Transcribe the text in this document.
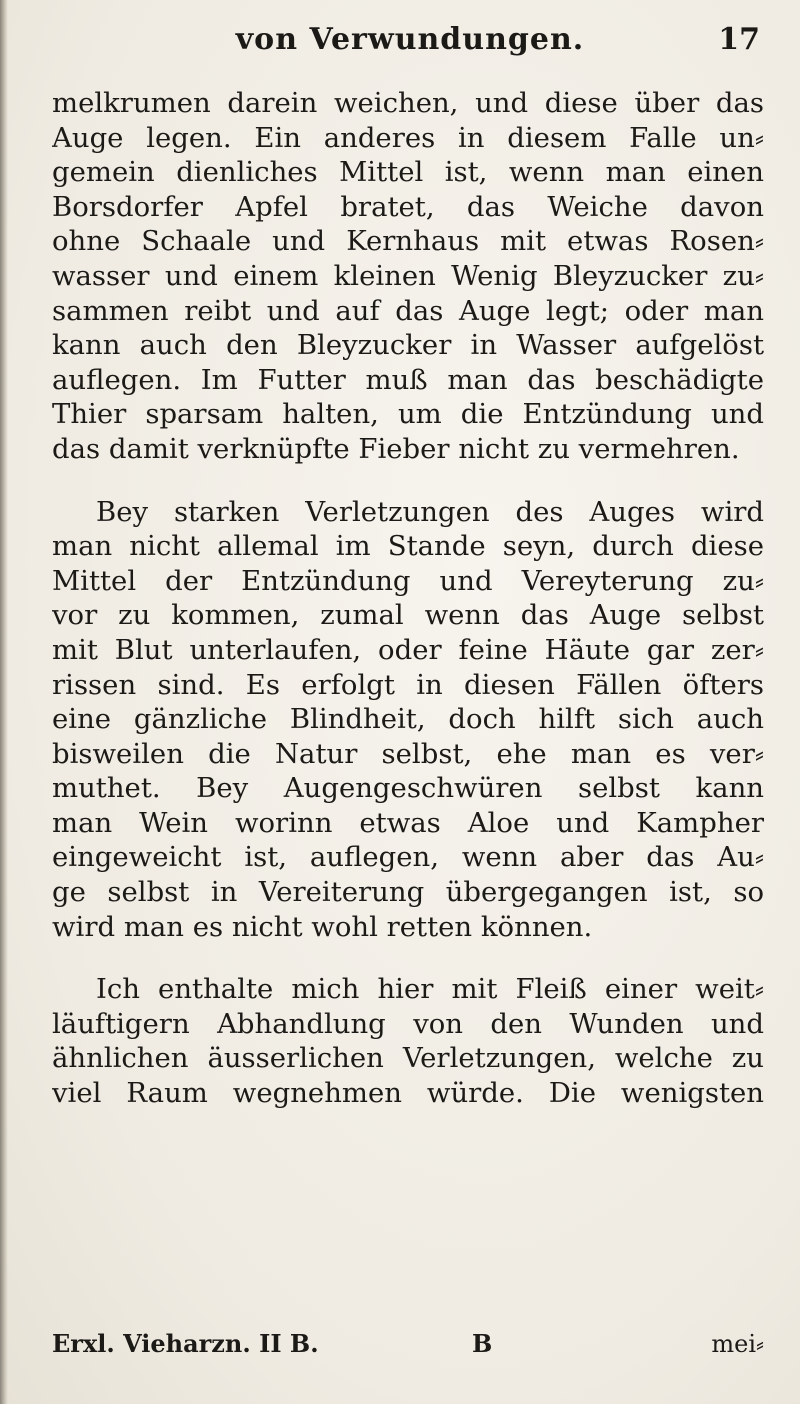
von Verwundungen.	17
melkrumen darein weichen, und diese über das
Auge legen. Ein anderes in diesem Falle un⸗
gemein dienliches Mittel ist, wenn man einen
Borsdorfer Apfel bratet, das Weiche davon
ohne Schaale und Kernhaus mit etwas Rosen⸗
wasser und einem kleinen Wenig Bleyzucker zu⸗
sammen reibt und auf das Auge legt; oder man
kann auch den Bleyzucker in Wasser aufgelöst
auflegen. Im Futter muß man das beschädigte
Thier sparsam halten, um die Entzündung und
das damit verknüpfte Fieber nicht zu vermehren.
Bey starken Verletzungen des Auges wird
man nicht allemal im Stande seyn, durch diese
Mittel der Entzündung und Vereyterung zu⸗
vor zu kommen, zumal wenn das Auge selbst
mit Blut unterlaufen, oder feine Häute gar zer⸗
rissen sind. Es erfolgt in diesen Fällen öfters
eine gänzliche Blindheit, doch hilft sich auch
bisweilen die Natur selbst, ehe man es ver⸗
muthet. Bey Augengeschwüren selbst kann
man Wein worinn etwas Aloe und Kampher
eingeweicht ist, auflegen, wenn aber das Au⸗
ge selbst in Vereiterung übergegangen ist, so
wird man es nicht wohl retten können.
Ich enthalte mich hier mit Fleiß einer weit⸗
läuftigern Abhandlung von den Wunden und
ähnlichen äusserlichen Verletzungen, welche zu
viel Raum wegnehmen würde. Die wenigsten
Erxl. Vieharzn. II B.	B	mei⸗
